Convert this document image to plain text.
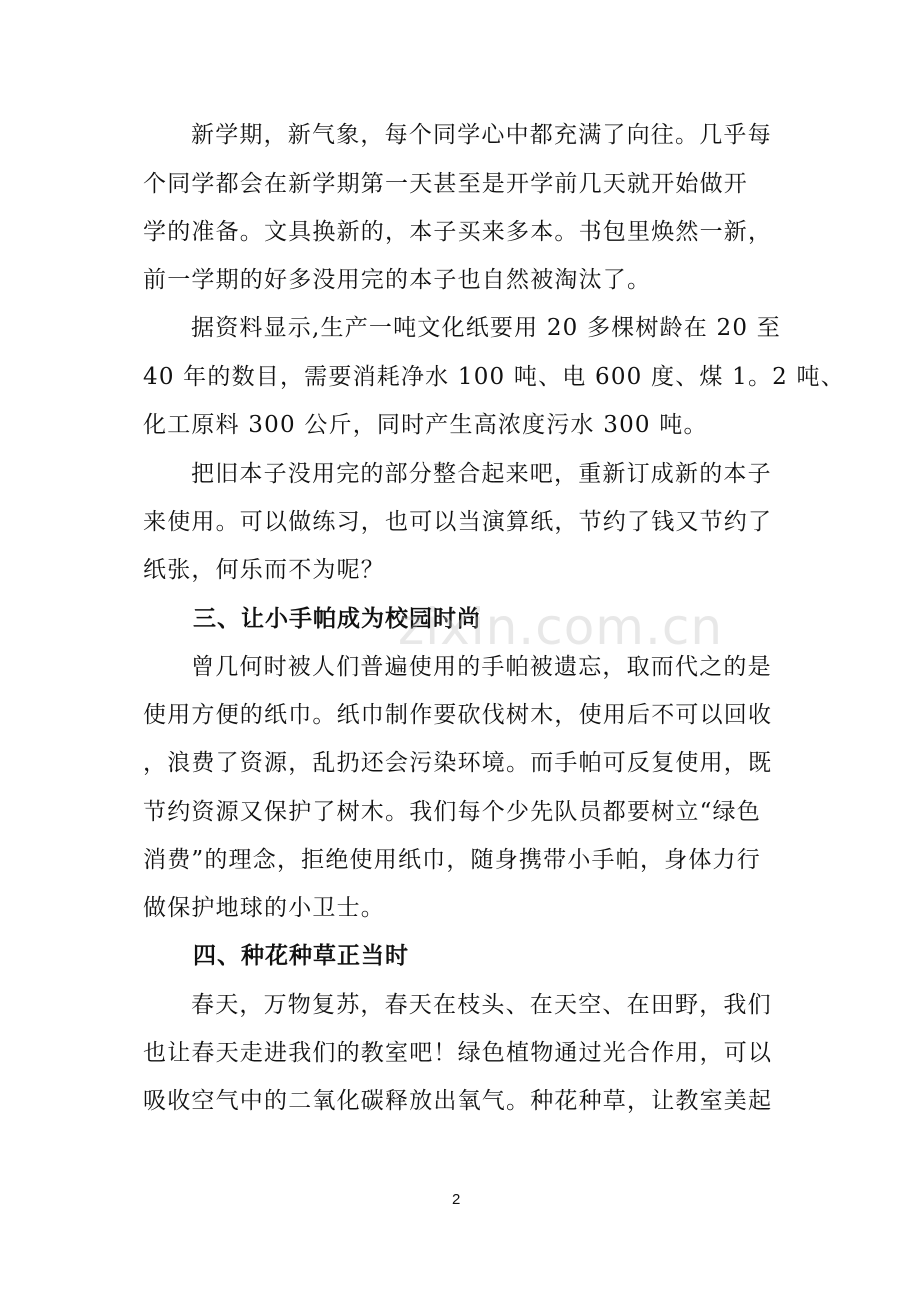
新学期，新气象，每个同学心中都充满了向往。几乎每
个同学都会在新学期第一天甚至是开学前几天就开始做开
学的准备。文具换新的，本子买来多本。书包里焕然一新，
前一学期的好多没用完的本子也自然被淘汰了。
据资料显示,生产一吨文化纸要用 20 多棵树龄在 20 至
40 年的数目，需要消耗净水 100 吨、电 600 度、煤 1。2 吨、
化工原料 300 公斤，同时产生高浓度污水 300 吨。
把旧本子没用完的部分整合起来吧，重新订成新的本子
来使用。可以做练习，也可以当演算纸，节约了钱又节约了
纸张，何乐而不为呢？
三、让小手帕成为校园时尚
zixin.com.cn
曾几何时被人们普遍使用的手帕被遗忘，取而代之的是
使用方便的纸巾。纸巾制作要砍伐树木，使用后不可以回收
，浪费了资源，乱扔还会污染环境。而手帕可反复使用，既
节约资源又保护了树木。我们每个少先队员都要树立“绿色
消费”的理念，拒绝使用纸巾，随身携带小手帕，身体力行
做保护地球的小卫士。
四、种花种草正当时
春天，万物复苏，春天在枝头、在天空、在田野，我们
也让春天走进我们的教室吧！绿色植物通过光合作用，可以
吸收空气中的二氧化碳释放出氧气。种花种草，让教室美起
2
